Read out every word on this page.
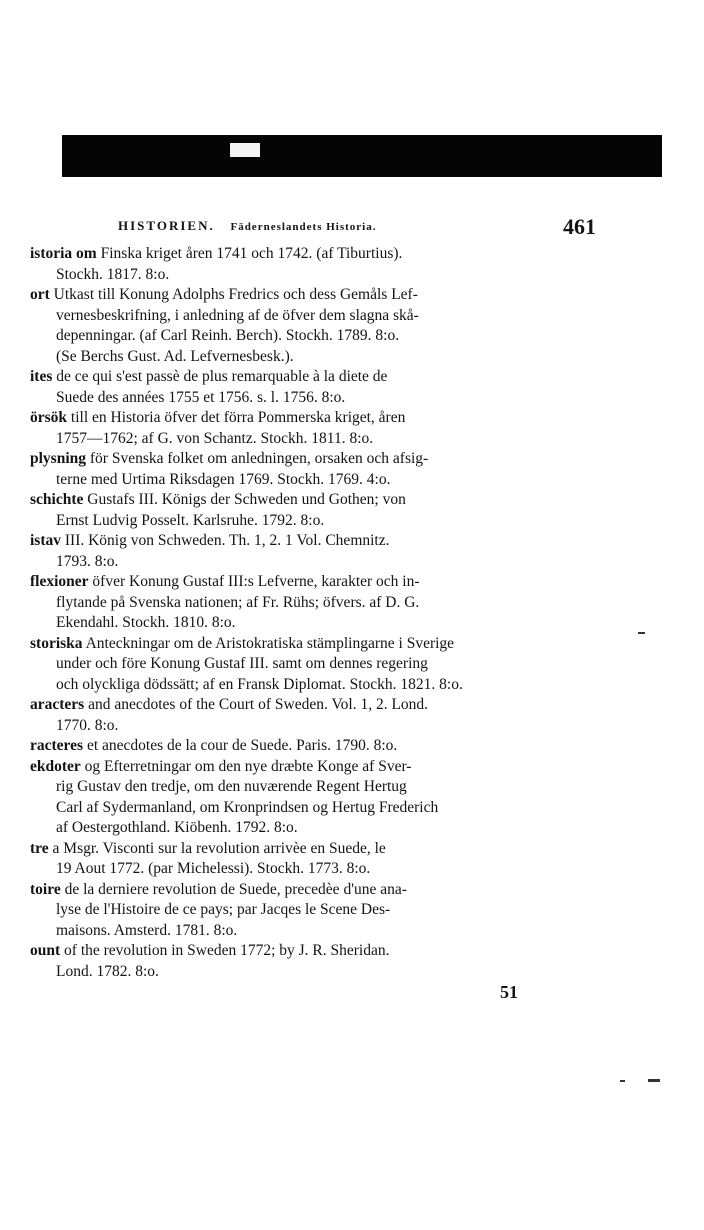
HISTORIEN. Fäderneslandets Historia.	461
istoria om Finska kriget åren 1741 och 1742. (af Tiburtius).
Stockh. 1817. 8:o.
ort Utkast till Konung Adolphs Fredrics och dess Gemåls Lef-
vernesbeskrifning, i anledning af de öfver dem slagna skå-
depenningar. (af Carl Reinh. Berch). Stockh. 1789. 8:o.
(Se Berchs Gust. Ad. Lefvernesbesk.).
ites de ce qui s'est passè de plus remarquable à la diete de
Suede des années 1755 et 1756. s. l. 1756. 8:o.
örsök till en Historia öfver det förra Pommerska kriget, åren
1757—1762; af G. von Schantz. Stockh. 1811. 8:o.
plysning för Svenska folket om anledningen, orsaken och afsig-
terne med Urtima Riksdagen 1769. Stockh. 1769. 4:o.
schichte Gustafs III. Königs der Schweden und Gothen; von
Ernst Ludvig Posselt. Karlsruhe. 1792. 8:o.
istav III. König von Schweden. Th. 1, 2. 1 Vol. Chemnitz.
1793. 8:o.
flexioner öfver Konung Gustaf III:s Lefverne, karakter och in-
flytande på Svenska nationen; af Fr. Rühs; öfvers. af D. G.
Ekendahl. Stockh. 1810. 8:o.
storiska Anteckningar om de Aristokratiska stämplingarne i Sverige
under och före Konung Gustaf III. samt om dennes regering
och olyckliga dödssätt; af en Fransk Diplomat. Stockh. 1821. 8:o.
aracters and anecdotes of the Court of Sweden. Vol. 1, 2. Lond.
1770. 8:o.
racteres et anecdotes de la cour de Suede. Paris. 1790. 8:o.
ekdoter og Efterretningar om den nye dræbte Konge af Sver-
rig Gustav den tredje, om den nuværende Regent Hertug
Carl af Sydermanland, om Kronprindsen og Hertug Frederich
af Oestergothland. Kiöbenh. 1792. 8:o.
tre a Msgr. Visconti sur la revolution arrivèe en Suede, le
19 Aout 1772. (par Michelessi). Stockh. 1773. 8:o.
toire de la derniere revolution de Suede, precedèe d'une ana-
lyse de l'Histoire de ce pays; par Jacqes le Scene Des-
maisons. Amsterd. 1781. 8:o.
ount of the revolution in Sweden 1772; by J. R. Sheridan.
Lond. 1782. 8:o.
51
